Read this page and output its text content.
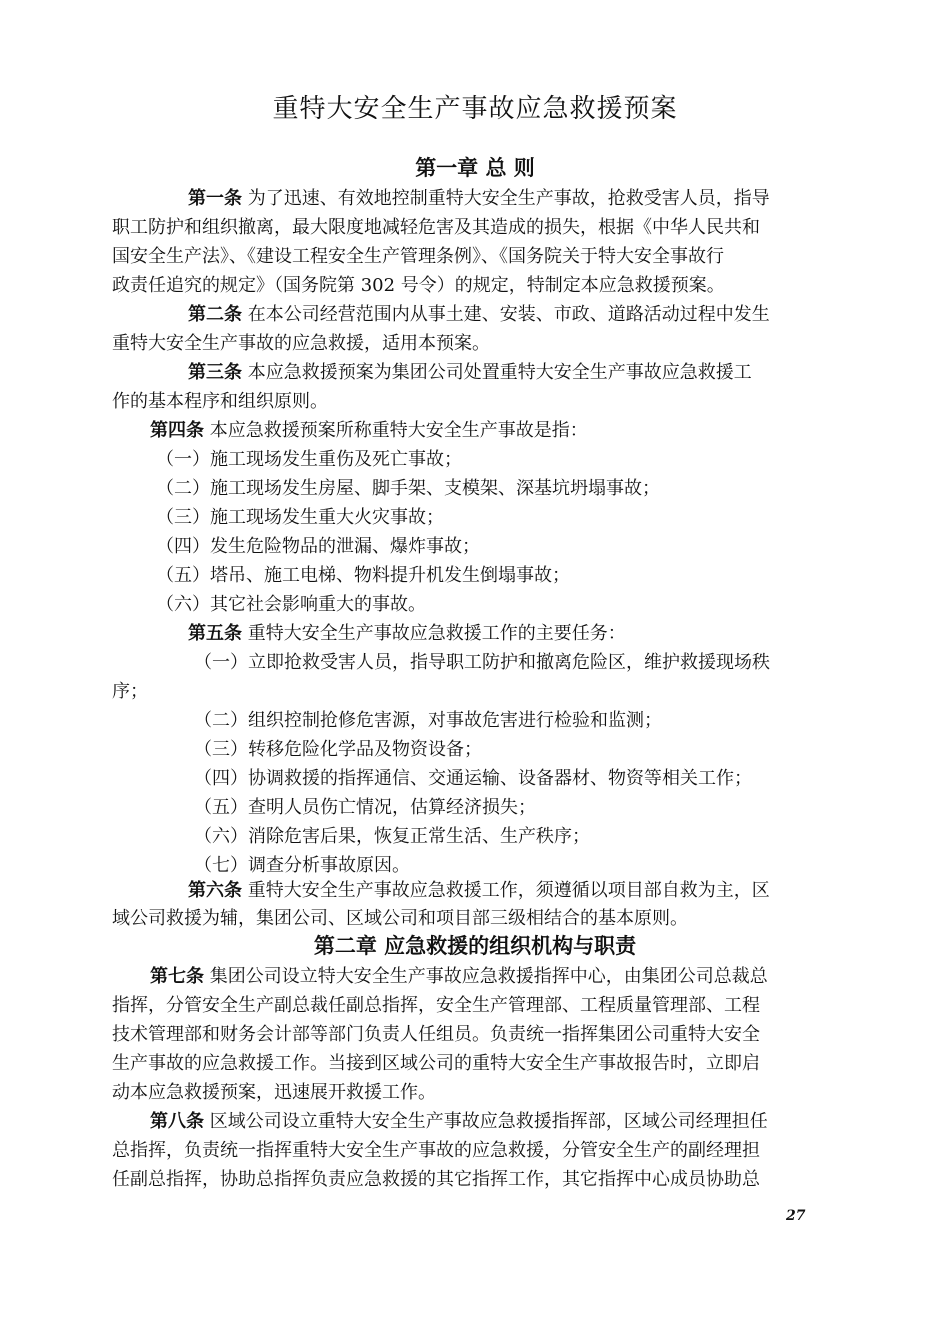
重特大安全生产事故应急救援预案
第一章 总 则
第一条 为了迅速、有效地控制重特大安全生产事故，抢救受害人员，指导
职工防护和组织撤离，最大限度地减轻危害及其造成的损失，根据《中华人民共和
国安全生产法》、《建设工程安全生产管理条例》、《国务院关于特大安全事故行
政责任追究的规定》（国务院第 302 号令）的规定，特制定本应急救援预案。
第二条 在本公司经营范围内从事土建、安装、市政、道路活动过程中发生
重特大安全生产事故的应急救援，适用本预案。
第三条 本应急救援预案为集团公司处置重特大安全生产事故应急救援工
作的基本程序和组织原则。
第四条 本应急救援预案所称重特大安全生产事故是指：
（一）施工现场发生重伤及死亡事故；
（二）施工现场发生房屋、脚手架、支模架、深基坑坍塌事故；
（三）施工现场发生重大火灾事故；
（四）发生危险物品的泄漏、爆炸事故；
（五）塔吊、施工电梯、物料提升机发生倒塌事故；
（六）其它社会影响重大的事故。
第五条 重特大安全生产事故应急救援工作的主要任务：
（一）立即抢救受害人员，指导职工防护和撤离危险区，维护救援现场秩
序；
（二）组织控制抢修危害源，对事故危害进行检验和监测；
（三）转移危险化学品及物资设备；
（四）协调救援的指挥通信、交通运输、设备器材、物资等相关工作；
（五）查明人员伤亡情况，估算经济损失；
（六）消除危害后果，恢复正常生活、生产秩序；
（七）调查分析事故原因。
第六条 重特大安全生产事故应急救援工作，须遵循以项目部自救为主，区
域公司救援为辅，集团公司、区域公司和项目部三级相结合的基本原则。
第二章 应急救援的组织机构与职责
第七条 集团公司设立特大安全生产事故应急救援指挥中心，由集团公司总裁总
指挥，分管安全生产副总裁任副总指挥，安全生产管理部、工程质量管理部、工程
技术管理部和财务会计部等部门负责人任组员。负责统一指挥集团公司重特大安全
生产事故的应急救援工作。当接到区域公司的重特大安全生产事故报告时，立即启
动本应急救援预案，迅速展开救援工作。
第八条 区域公司设立重特大安全生产事故应急救援指挥部，区域公司经理担任
总指挥，负责统一指挥重特大安全生产事故的应急救援，分管安全生产的副经理担
任副总指挥，协助总指挥负责应急救援的其它指挥工作，其它指挥中心成员协助总
27
